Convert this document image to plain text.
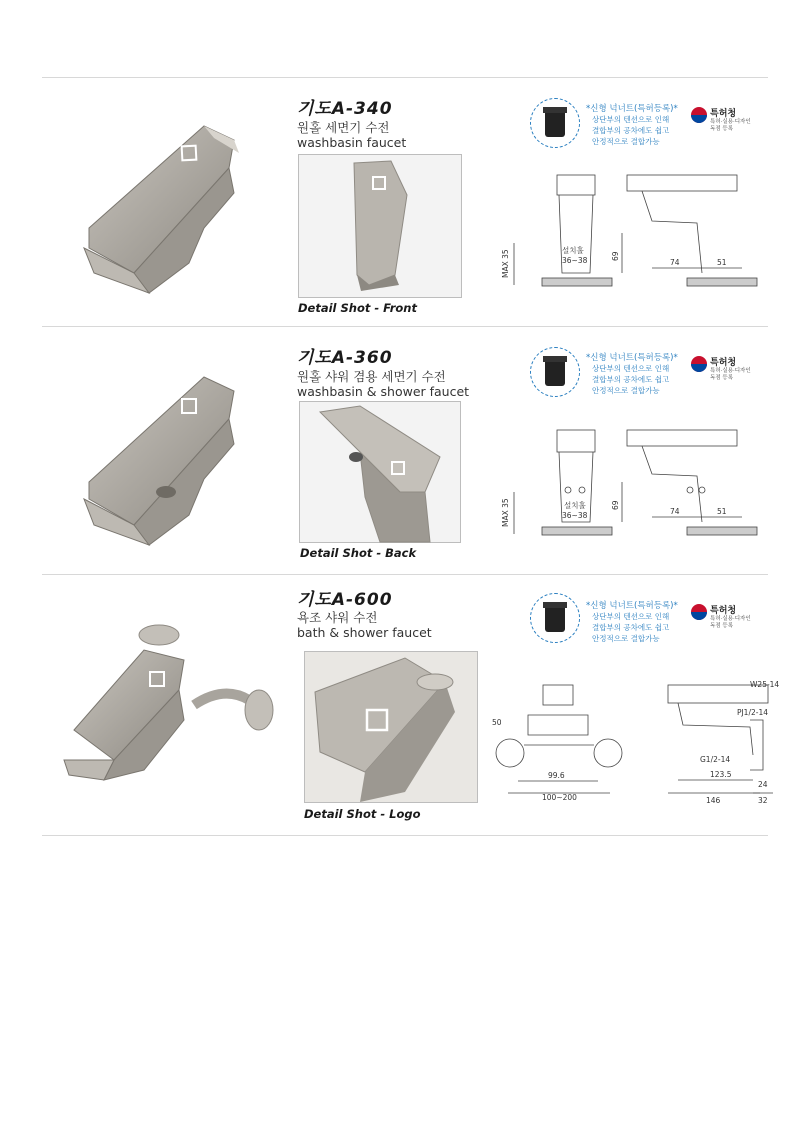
기도A-340
원홀 세면기 수전
washbasin faucet
Detail Shot - Front
*신형 넉너트(특허등록)*
상단부의 텐션으로 인해
결합부의 공차에도 쉽고
안정적으로 결합가능
특허청
특허·실용·디자인
독점 등록
MAX 35	설치홀
36~38	69
74	51
기도A-360
원홀 샤워 겸용 세면기 수전
washbasin & shower faucet
Detail Shot - Back
*신형 넉너트(특허등록)*
상단부의 텐션으로 인해
결합부의 공차에도 쉽고
안정적으로 결합가능
특허청
특허·실용·디자인
독점 등록
MAX 35	설치홀
36~38
69
74	51
기도A-600
욕조 샤워 수전
bath & shower faucet
Detail Shot - Logo
*신형 넉너트(특허등록)*
상단부의 텐션으로 인해
결합부의 공차에도 쉽고
안정적으로 결합가능
특허청
특허·실용·디자인
독점 등록
50
99.6
100~200
W25-14
PJ1/2-14
G1/2-14
123.5
146
24
32
